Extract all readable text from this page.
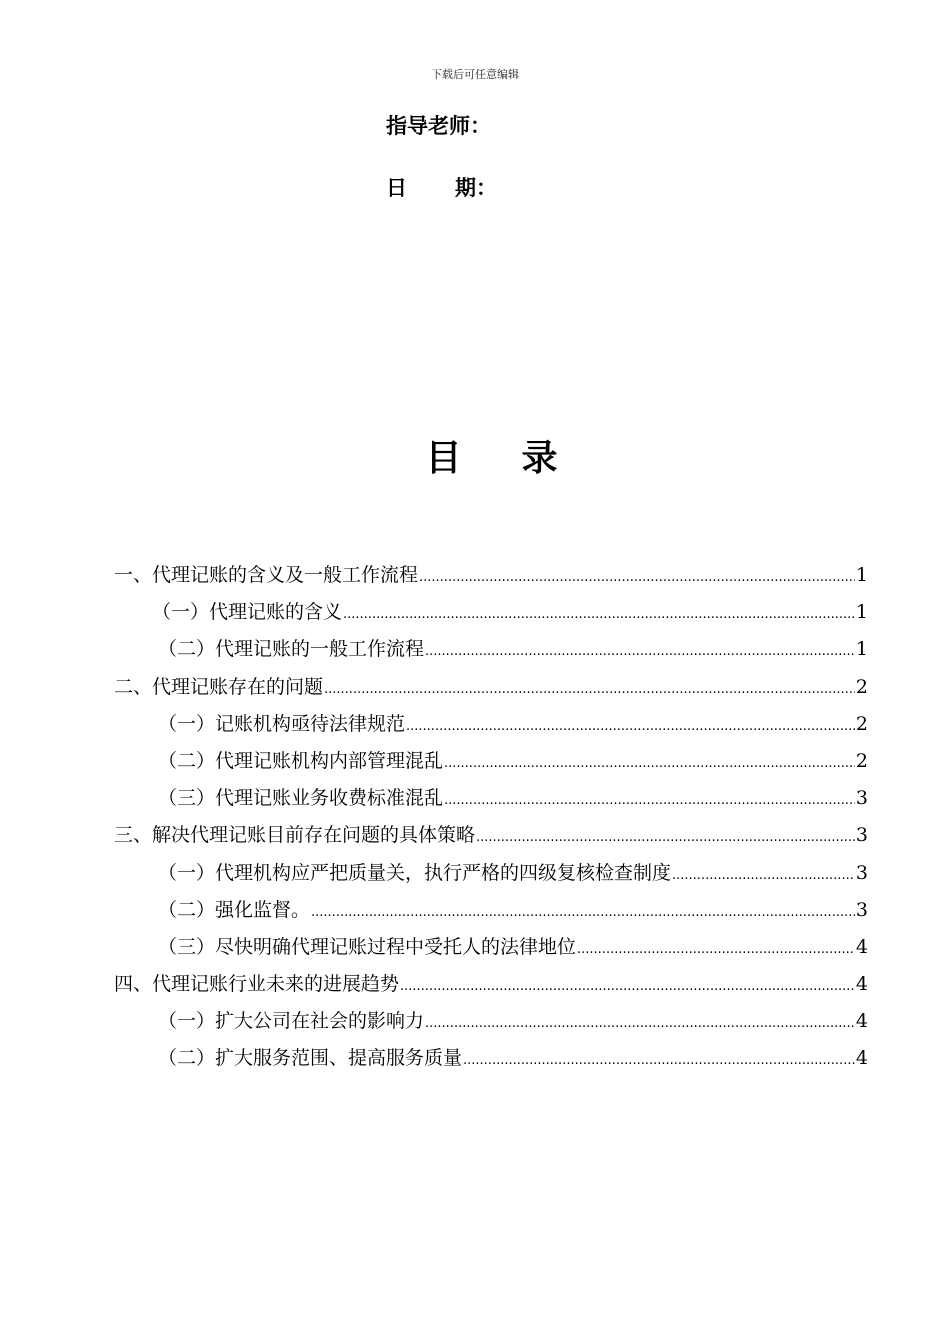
下载后可任意编辑
指导老师：
日 期：
目 录
一、代理记账的含义及一般工作流程 .....	1
（一）代理记账的含义 .....	1
（二）代理记账的一般工作流程 .....	1
二、代理记账存在的问题 .....	2
（一）记账机构亟待法律规范 .....	2
（二）代理记账机构内部管理混乱 .....	2
（三）代理记账业务收费标准混乱 .....	3
三、解决代理记账目前存在问题的具体策略 .....	3
（一）代理机构应严把质量关，执行严格的四级复核检查制度 .....	3
（二）强化监督。 .....	3
（三）尽快明确代理记账过程中受托人的法律地位 .....	4
四、代理记账行业未来的进展趋势 .....	4
（一）扩大公司在社会的影响力 .....	4
（二）扩大服务范围、提高服务质量 .....	4
